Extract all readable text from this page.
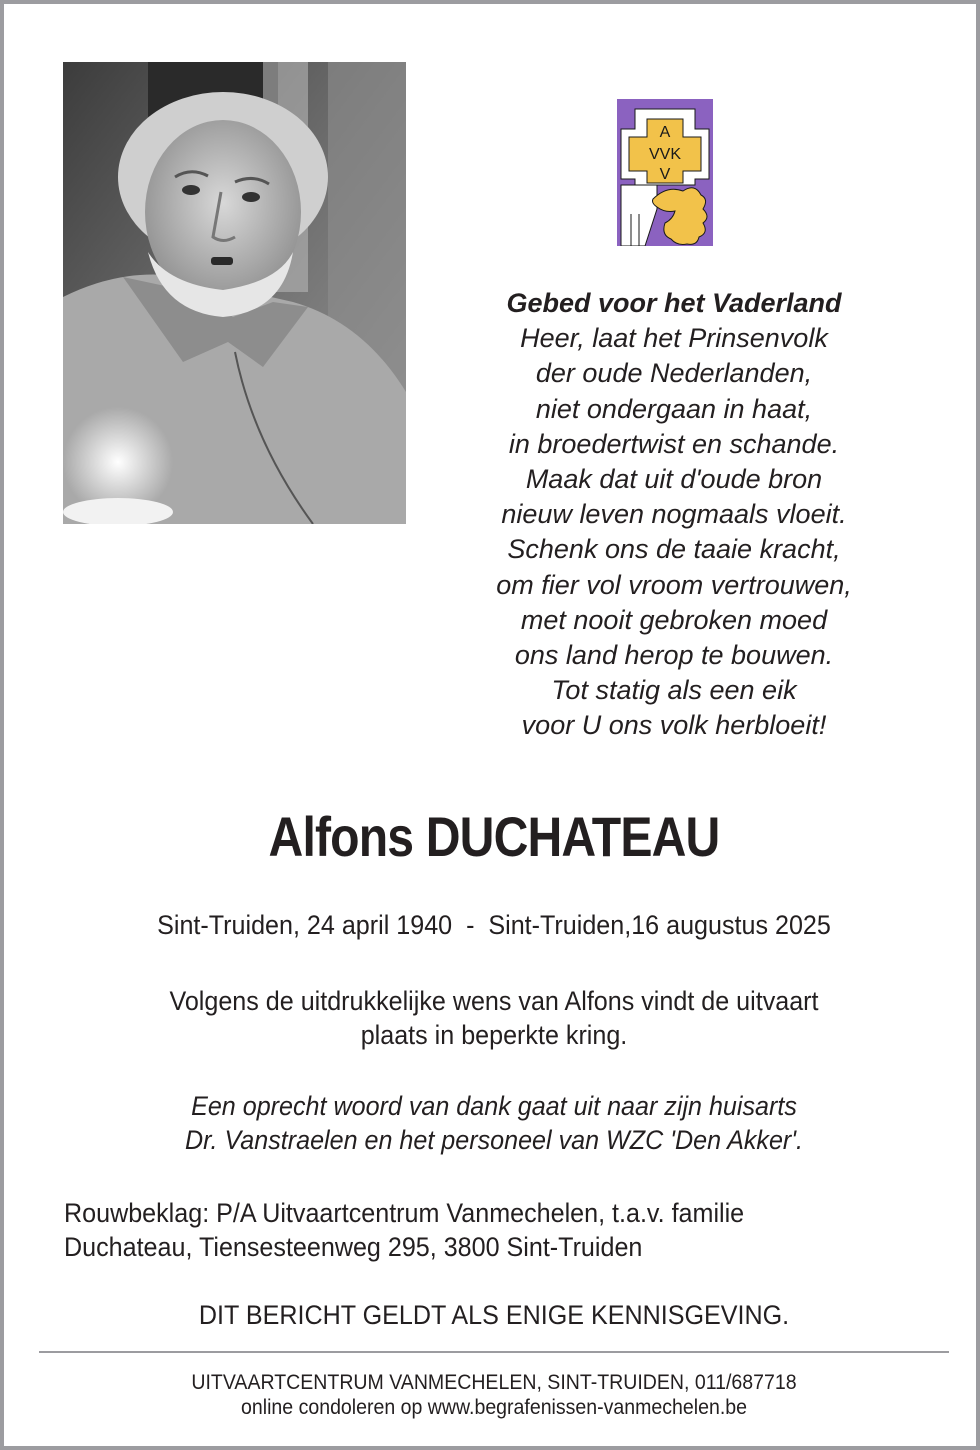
A
VVK
V
Gebed voor het Vaderland
Heer, laat het Prinsenvolk
der oude Nederlanden,
niet ondergaan in haat,
in broedertwist en schande.
Maak dat uit d'oude bron
nieuw leven nogmaals vloeit.
Schenk ons de taaie kracht,
om fier vol vroom vertrouwen,
met nooit gebroken moed
ons land herop te bouwen.
Tot statig als een eik
voor U ons volk herbloeit!
Alfons DUCHATEAU
Sint-Truiden, 24 april 1940  -  Sint-Truiden,16 augustus 2025
Volgens de uitdrukkelijke wens van Alfons vindt de uitvaart
plaats in beperkte kring.
Een oprecht woord van dank gaat uit naar zijn huisarts
Dr. Vanstraelen en het personeel van WZC 'Den Akker'.
Rouwbeklag: P/A Uitvaartcentrum Vanmechelen, t.a.v. familie
Duchateau, Tiensesteenweg 295, 3800 Sint-Truiden
DIT BERICHT GELDT ALS ENIGE KENNISGEVING.
UITVAARTCENTRUM VANMECHELEN, SINT-TRUIDEN, 011/687718
online condoleren op www.begrafenissen-vanmechelen.be
